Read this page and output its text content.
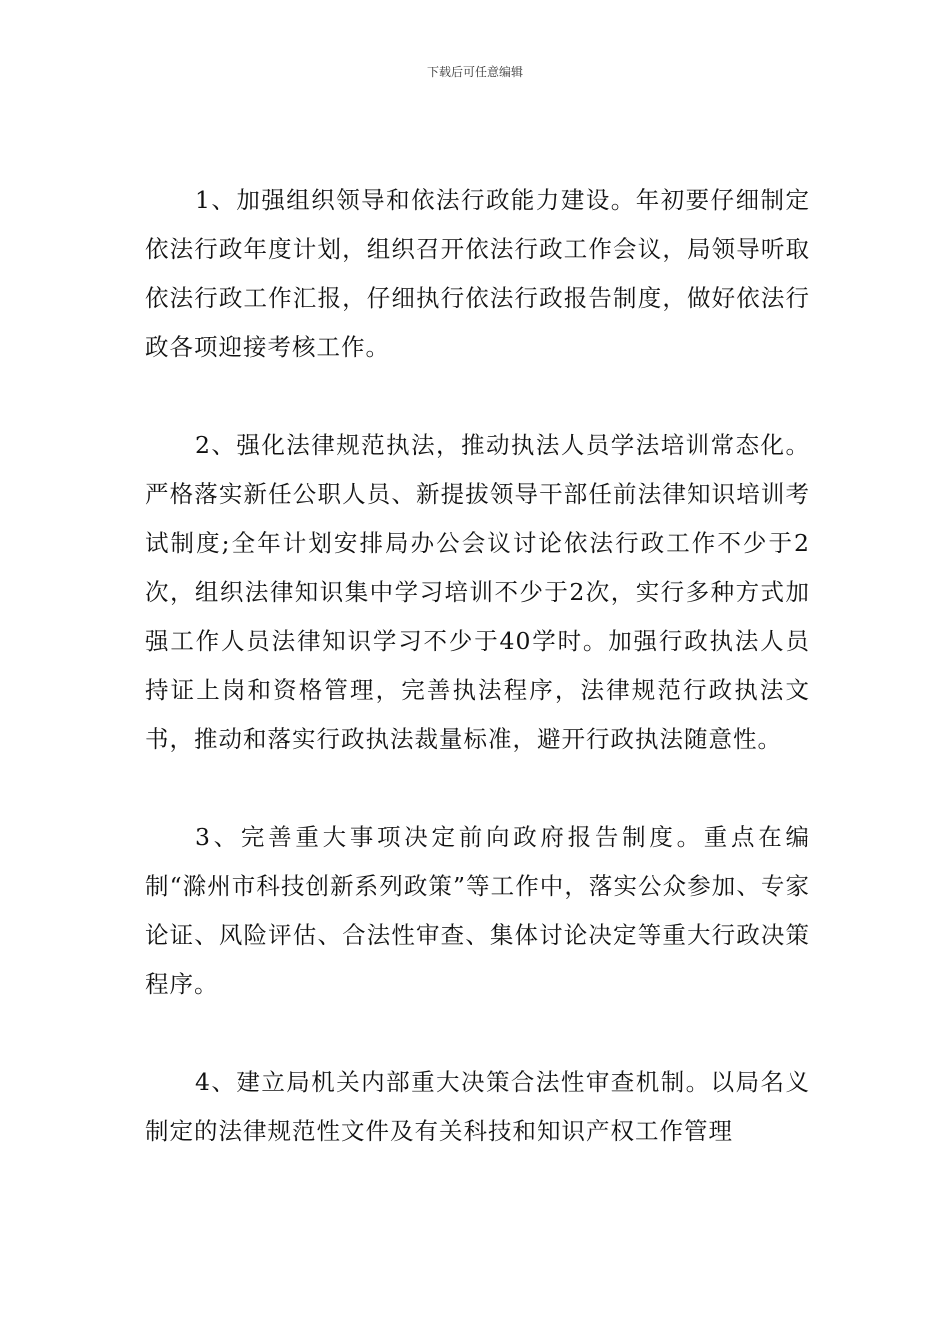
下载后可任意编辑

1、加强组织领导和依法行政能力建设。年初要仔细制定依法行政年度计划，组织召开依法行政工作会议，局领导听取依法行政工作汇报，仔细执行依法行政报告制度，做好依法行政各项迎接考核工作。

2、强化法律规范执法，推动执法人员学法培训常态化。严格落实新任公职人员、新提拔领导干部任前法律知识培训考试制度;全年计划安排局办公会议讨论依法行政工作不少于2次，组织法律知识集中学习培训不少于2次，实行多种方式加强工作人员法律知识学习不少于40学时。加强行政执法人员持证上岗和资格管理，完善执法程序，法律规范行政执法文书，推动和落实行政执法裁量标准，避开行政执法随意性。

3、完善重大事项决定前向政府报告制度。重点在编制“滁州市科技创新系列政策”等工作中，落实公众参加、专家论证、风险评估、合法性审查、集体讨论决定等重大行政决策程序。

4、建立局机关内部重大决策合法性审查机制。以局名义制定的法律规范性文件及有关科技和知识产权工作管理
